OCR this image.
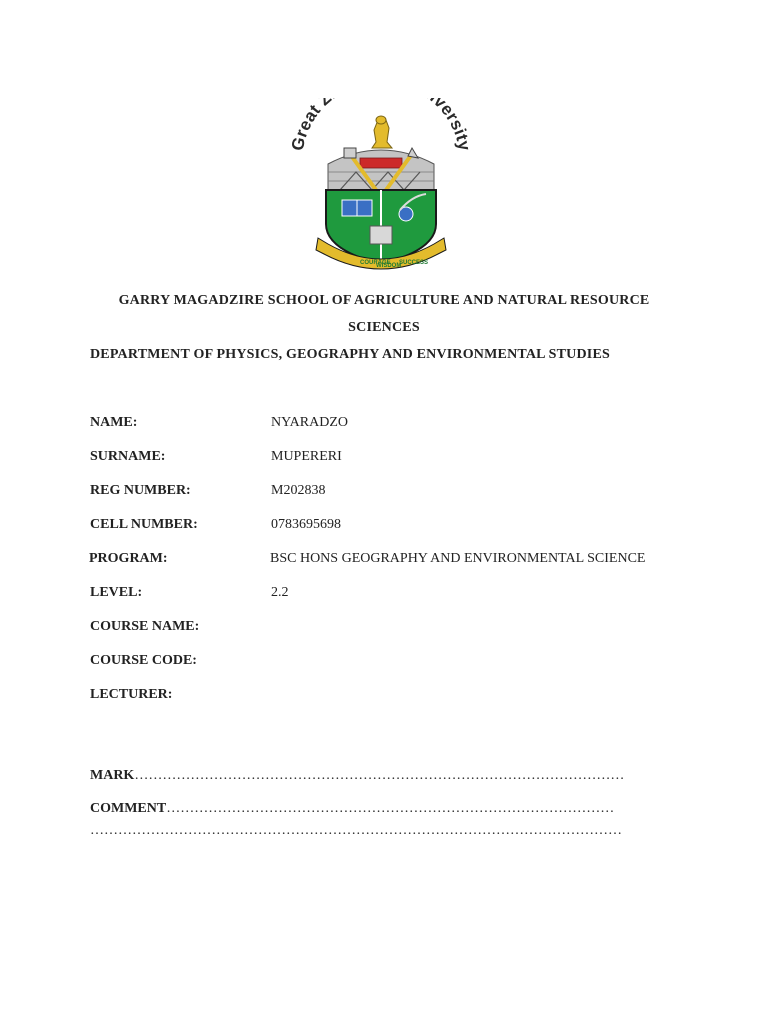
Great Z versity
COURAGE
WISDOM
SUCCESS
GARRY MAGADZIRE SCHOOL OF AGRICULTURE AND NATURAL RESOURCE
SCIENCES
DEPARTMENT OF PHYSICS, GEOGRAPHY AND ENVIRONMENTAL STUDIES
NAME:	NYARADZO
SURNAME:	MUPERERI
REG NUMBER:	M202838
CELL NUMBER:	0783695698
PROGRAM:	BSC HONS GEOGRAPHY AND ENVIRONMENTAL SCIENCE
LEVEL:	2.2
COURSE NAME:
COURSE CODE:
LECTURER:
MARK……………………………………………………………………………………………
COMMENT……………………………………………………………………………………
……………………………………………………………………………………………………
